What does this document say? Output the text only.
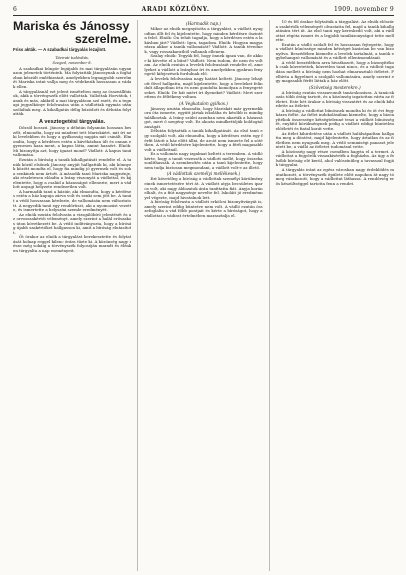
6	ARADI KÖZLÖNY.	1909. november 9
Mariska és Jánossy
szerelme.
Friss akták. — A szabadkai tárgyalás lezajlott.
Távirati tudósítás.
Szeged, november 8.

A szabadkai bűnpör legújabb és mai tárgyalásán ugyanazon jelenetek történtek. Ma folytatták Jánossynak a fogházban készült emlékiratait, amelyekben legnagyobb szerelmét Mariska iránt vallja meg és védekezik hosszasan a vádak ellen.

A tárgyalásnál ezt jelent ismételten meg az összeállítások, akik a törvényszék előtt vallottak. Vallottak Horvátok, tanuk és más, akikről a mai tárgyaláson szó esett, és a tegnapi jegyzőkönyv felolvasása után a vádlottak egymás után szólaltak meg. A kihallgatás délig húzódott és délután folytatták.

A vesztegetési tárgyalás.

Dőzsöl bosszú. Jánossy a délután folyamán hosszan beszélt, elmondta, hogy mi mindent tett Mariskáért, mit írt neki levelekben és hogy a gyilkosság napján mit csinált. Elmondta, hogy a kérdéses estén a kávéházban ült és onnan egyenesen haza ment, a kapus látta, amint hazaért. Elnök: Mi bizonyítja azt, hogy igazat mond? Vádlott: A kapus tanúvallomása.

Ezután a bíróság a tanúk kihallgatását rendelte el. A tanúk közül elsőnek Jánossy anyját hallgatták ki, aki könnyek között mondta el, hogy fia mindig jó gyermek volt és soha senkinek nem ártott. A második tanú Mariska nagynénje, aki részletesen előadta a leány viszonyát a vádlottal, és kijelentette, hogy a család a házasságot ellenezte, mert a vádlott anyagi helyzete rendezetlen volt.

A harmadik tanú a háziúr, aki elmondta, hogy a kérdéses estén a ház kapuja zárva volt és senki sem jött be. A tanút a védő hosszasan kérdezte, de vallomásán nem változtatott. A negyedik tanú egy rendőrtiszt, aki a nyomozást vezette, és ismertette a helyszíni szemle eredményét.

Az elnök ezután felolvasta a vizsgálóbíró jelentését és az orvosszakértői véleményt, amely szerint a halál erőszakos úton következett be. A védő indítványozta, hogy a bíróság újabb szakértőket hallgasson ki, amit a bíróság elutasított.

Öt órakor az elnök a tárgyalást berekesztette és folytatását holnap reggel kilenc órára tűzte ki. A közönség nagy része még sokáig a törvényszék folyosóján maradt és élénken tárgyalta a nap eseményeit.

(Harmadik nap.)

Mikor az elnök megnyitotta a tárgyalást, a vádlott nyugodtan állt fel és kijelentette, hogy minden kérdésre őszintén felel. Elnök: Ön tehát tagadja, hogy a kérdéses estén a lakásban járt? Vádlott: Igen, tagadom. Elnök: Hogyan magyarázza akkor a tanúk vallomását? Vádlott: A tanúk tévednek, vagy rosszakaratból vallanak ellenem.

Szalay elnök: Tegyük fel, hogy önnek igaza van, de akkor ki követte el a bűnt? Vádlott: Nem tudom, de nem én voltam. Az elnök ezután a levelek felolvasását rendelte el, amelyeket a vádlott a leányhoz írt és amelyekben gyakran fenyegető kifejezések fordulnak elő.

A levelek felolvasása nagy hatást keltett. Jánossy lehajtott fővel hallgatta, majd kijelentette, hogy a leveleket felindult állapotban írta és nem gondolta komolyan a fenyegetéseket. Elnök: De hát miért írt ilyeneket? Vádlott: Mert szerettem és féltékeny voltam.

(A Vegkatalon gyilkos.)

Jánossy azután elmondta, hogy Mariskát már gyermekkora óta ismerte, együtt jártak iskolába és később is mindig találkoztak. A leány szülei azonban nem akarták a házasságot, mert ő szegény volt. Ez okozta mindkettőjük boldogtalanságát.

Délután folytatták a tanúk kihallgatását. Az első tanú egy szolgáló volt, aki elmondta, hogy a kérdéses estén egy férfit látott a ház előtt állni, de arcát nem ismerte fel a sötétben. A védő kérdésére kijelentette, hogy a férfi magasabb volt a vádlottnál.

Ez a vallomás nagy izgalmat keltett a teremben. A vádló kérte, hogy a tanút vezessék a vádlott mellé, hogy összehasonlíthassák. A szembesítés után a tanú kijelentette, hogy nem tudja biztosan megmondani, a vádlott volt-e az illető.

(A vádlottak személyi mellékesek.)

Ezt követőleg a bíróság a vádlottak személyi körülményeinek ismertetésére tért át. A vádlott atyja becsületes iparos volt, aki nagy áldozatok árán taníttatta fiát. Anyja korán elhalt, és a fiút nagynénje nevelte fel. Iskoláit jó eredménnyel végezte, majd hivatalnok lett.

A bíróság felolvasta a vádlott erkölcsi bizonyítványát is, amely szerint eddig büntetve nem volt. A vádló ezután összefoglalta a vád főbb pontjait és kérte a bíróságot, hogy a vádlottat a vádirat értelmében marasztalja el.

10 és fél órakor folytatták a tárgyalást. Az elnök először a szakértők véleményét olvastatta fel, majd a tanúk kihallgatására tért át. Az első tanú egy kereskedő volt, aki a vádlottat régóta ismeri és a legjobb tanúbizonyságot tette mellette.

Ezután a vádló szólalt fel és hosszasan fejtegette, hogy a vádlott bűnössége minden kétséget kizáróan be van bizonyítva. Beszédében kiemelte a levelek tartalmát, a tanúk egybehangzó vallomását és a vádlott ellentmondásait.

A védő beszédében arra hivatkozott, hogy a bizonyítékok csak közvetettek, közvetlen tanú nincs, és a vádlott tagadása mellett a bíróság nem hozhat elmarasztaló ítéletet. Felhívta a figyelmet a szolgáló vallomására, amely szerint egy magasabb férfit láttak a ház előtt.

(Szövetség mesterekre.)

A bíróság ezután visszavonult tanácskozásra. A tanácskozás több óráig tartott, és a közönség izgatottan várta az ítéletet. Este hét órakor a bíróság visszatért és az elnök kihirdette az ítéletet.

A bíróság a vádlottat bűnösnek mondta ki és öt évi fegyházra ítélte. Az ítélet indokolásában kiemelte, hogy a bizonyítékok összessége kétségtelenné teszi a vádlott bűnösségét, enyhítő körülménynek pedig a vádlott eddigi büntetlen előéletét és fiatal korát vette.

Az ítélet kihirdetése után a vádlott halálsápadtan hallgatta meg a döntést, majd kijelentette, hogy ártatlan és az ítéletben nem nyugszik meg. A védő semmiségi panaszt jelentett be, a vádló az ítéletet tudomásul vette.

A közönség nagy része csendben hagyta el a termet. A vádlottat a fegyőrök visszakísérték a fogházba. Az ügy a felsőbb bíróság elé kerül, ahol valószínűleg a tavasszal fogják tárgyalni.

A tárgyalás iránt az egész városban nagy érdeklődés mutatkozott, a törvényszék épülete előtt napokon át nagy tömeg várakozott, hogy a vádlottat láthassa. A rendőrség erős készültséggel tartotta fenn a rendet.
